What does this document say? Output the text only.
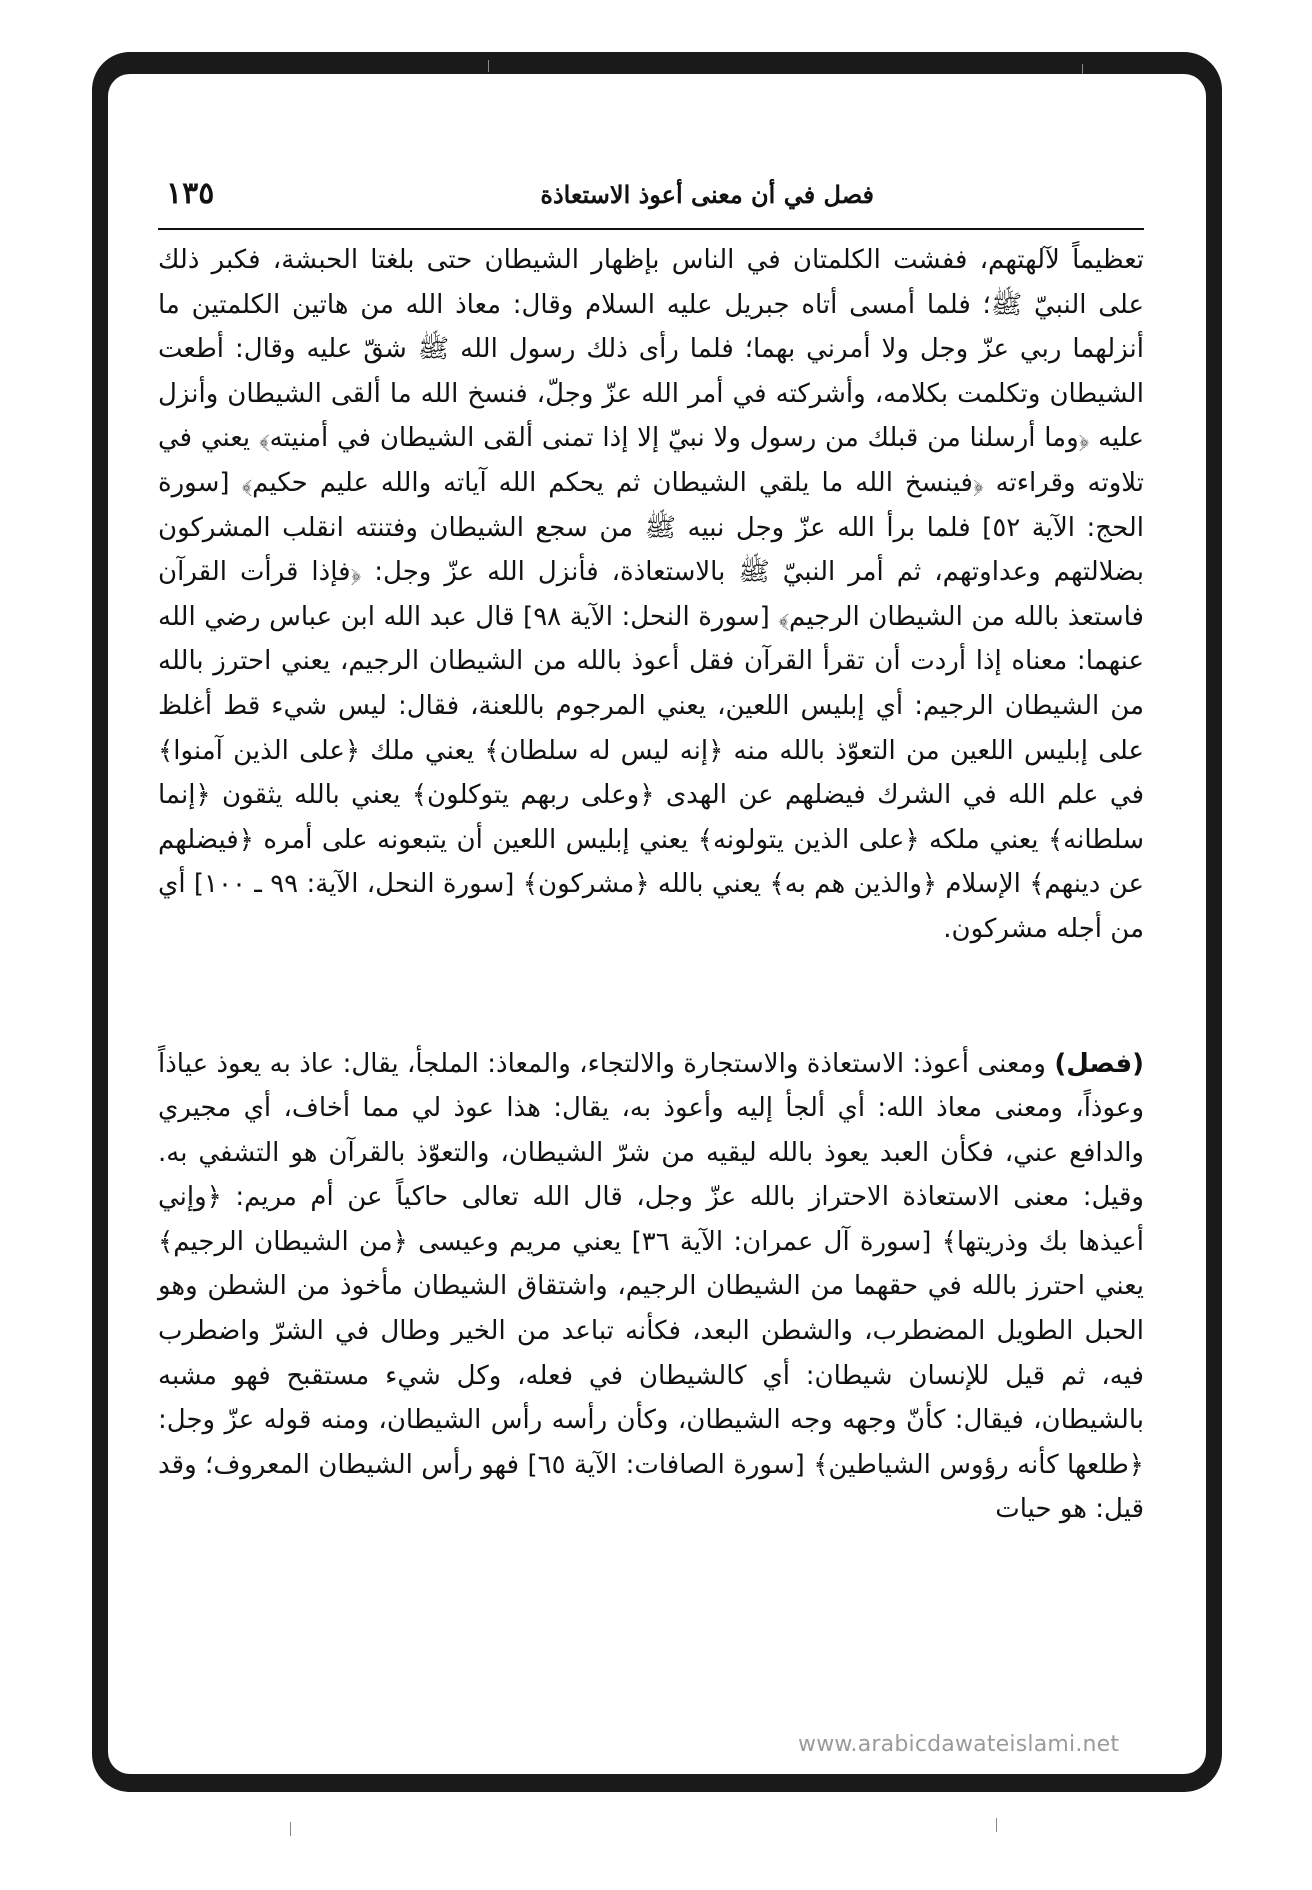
فصل في أن معنى أعوذ الاستعاذة
١٣٥

تعظيماً لآلهتهم، ففشت الكلمتان في الناس بإظهار الشيطان حتى بلغتا الحبشة، فكبر ذلك على النبيّ ﷺ؛ فلما أمسى أتاه جبريل عليه السلام وقال: معاذ الله من هاتين الكلمتين ما أنزلهما ربي عزّ وجل ولا أمرني بهما؛ فلما رأى ذلك رسول الله ﷺ شقّ عليه وقال: أطعت الشيطان وتكلمت بكلامه، وأشركته في أمر الله عزّ وجلّ، فنسخ الله ما ألقى الشيطان وأنزل عليه ﴿وما أرسلنا من قبلك من رسول ولا نبيّ إلا إذا تمنى ألقى الشيطان في أمنيته﴾ يعني في تلاوته وقراءته ﴿فينسخ الله ما يلقي الشيطان ثم يحكم الله آياته والله عليم حكيم﴾ [سورة الحج: الآية ٥٢] فلما برأ الله عزّ وجل نبيه ﷺ من سجع الشيطان وفتنته انقلب المشركون بضلالتهم وعداوتهم، ثم أمر النبيّ ﷺ بالاستعاذة، فأنزل الله عزّ وجل: ﴿فإذا قرأت القرآن فاستعذ بالله من الشيطان الرجيم﴾ [سورة النحل: الآية ٩٨] قال عبد الله ابن عباس رضي الله عنهما: معناه إذا أردت أن تقرأ القرآن فقل أعوذ بالله من الشيطان الرجيم، يعني احترز بالله من الشيطان الرجيم: أي إبليس اللعين، يعني المرجوم باللعنة، فقال: ليس شيء قط أغلظ على إبليس اللعين من التعوّذ بالله منه ﴿إنه ليس له سلطان﴾ يعني ملك ﴿على الذين آمنوا﴾ في علم الله في الشرك فيضلهم عن الهدى ﴿وعلى ربهم يتوكلون﴾ يعني بالله يثقون ﴿إنما سلطانه﴾ يعني ملكه ﴿على الذين يتولونه﴾ يعني إبليس اللعين أن يتبعونه على أمره ﴿فيضلهم عن دينهم﴾ الإسلام ﴿والذين هم به﴾ يعني بالله ﴿مشركون﴾ [سورة النحل، الآية: ٩٩ ـ ١٠٠] أي من أجله مشركون.

(فصل) ومعنى أعوذ: الاستعاذة والاستجارة والالتجاء، والمعاذ: الملجأ، يقال: عاذ به يعوذ عياذاً وعوذاً، ومعنى معاذ الله: أي ألجأ إليه وأعوذ به، يقال: هذا عوذ لي مما أخاف، أي مجيري والدافع عني، فكأن العبد يعوذ بالله ليقيه من شرّ الشيطان، والتعوّذ بالقرآن هو التشفي به. وقيل: معنى الاستعاذة الاحتراز بالله عزّ وجل، قال الله تعالى حاكياً عن أم مريم: ﴿وإني أعيذها بك وذريتها﴾ [سورة آل عمران: الآية ٣٦] يعني مريم وعيسى ﴿من الشيطان الرجيم﴾ يعني احترز بالله في حقهما من الشيطان الرجيم، واشتقاق الشيطان مأخوذ من الشطن وهو الحبل الطويل المضطرب، والشطن البعد، فكأنه تباعد من الخير وطال في الشرّ واضطرب فيه، ثم قيل للإنسان شيطان: أي كالشيطان في فعله، وكل شيء مستقبح فهو مشبه بالشيطان، فيقال: كأنّ وجهه وجه الشيطان، وكأن رأسه رأس الشيطان، ومنه قوله عزّ وجل: ﴿طلعها كأنه رؤوس الشياطين﴾ [سورة الصافات: الآية ٦٥] فهو رأس الشيطان المعروف؛ وقد قيل: هو حيات

www.arabicdawateislami.net
